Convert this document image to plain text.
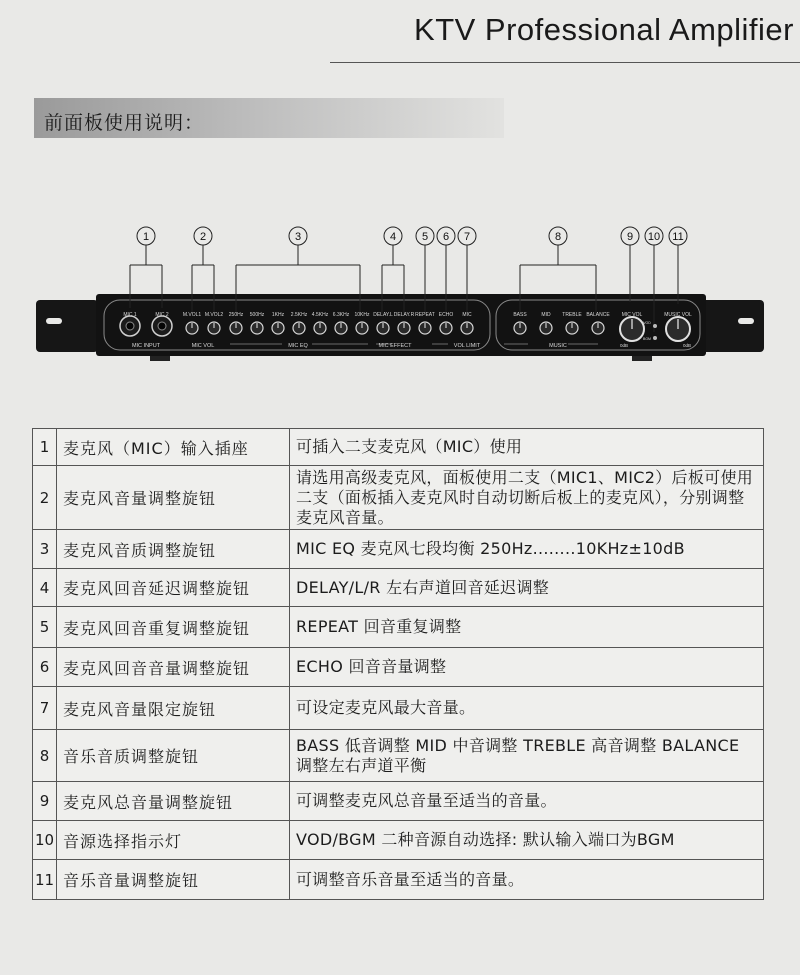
KTV Professional Amplifier
前面板使用说明：
1	2	3	4 5 6 7	8	9 10 11
MIC 1	MIC 2	M.VOL1 M.VOL2 250Hz 500Hz 1KHz 2.5KHz 4.5KHz 6.3KHz 10KHz DELAY.L DELAY.R REPEAT ECHO MIC	BASS	MID TREBLE BALANCE MIC VOL	MUSIC VOL
MIC INPUT	MIC VOL	MIC EQ	MIC EFFECT	VOL LIMIT	MUSIC	0dB	0dB
VOD
BGM
1	麦克风（MIC）输入插座	可插入二支麦克风（MIC）使用
2	麦克风音量调整旋钮	请选用高级麦克风，面板使用二支（MIC1、MIC2）后板可使用二支（面板插入麦克风时自动切断后板上的麦克风），分别调整麦克风音量。
3	麦克风音质调整旋钮	MIC EQ 麦克风七段均衡 250Hz........10KHz±10dB
4	麦克风回音延迟调整旋钮	DELAY/L/R 左右声道回音延迟调整
5	麦克风回音重复调整旋钮	REPEAT 回音重复调整
6	麦克风回音音量调整旋钮	ECHO 回音音量调整
7	麦克风音量限定旋钮	可设定麦克风最大音量。
8	音乐音质调整旋钮	BASS 低音调整 MID 中音调整 TREBLE 高音调整 BALANCE 调整左右声道平衡
9	麦克风总音量调整旋钮	可调整麦克风总音量至适当的音量。
10	音源选择指示灯	VOD/BGM 二种音源自动选择: 默认输入端口为BGM
11	音乐音量调整旋钮	可调整音乐音量至适当的音量。
